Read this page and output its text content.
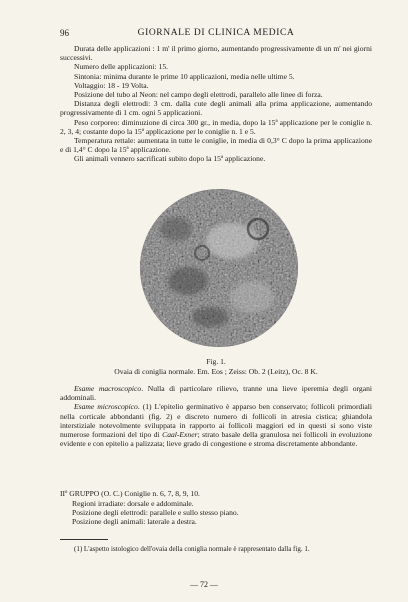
96	GIORNALE DI CLINICA MEDICA

Durata delle applicazioni : 1 m' il primo giorno, aumentando progressivamente di un m' nei giorni successivi.

Numero delle applicazioni: 15.

Sintonia: minima durante le prime 10 applicazioni, media nelle ultime 5.

Voltaggio: 18 - 19 Volta.

Posizione del tubo al Neon: nel campo degli elettrodi, parallelo alle linee di forza.

Distanza degli elettrodi: 3 cm. dalla cute degli animali alla prima applicazione, aumentando progressivamente di 1 cm. ogni 5 applicazioni.

Peso corporeo: diminuzione di circa 300 gr., in media, dopo la 15ª applicazione per le coniglie n. 2, 3, 4; costante dopo la 15ª applicazione per le coniglie n. 1 e 5.

Temperatura rettale: aumentata in tutte le coniglie, in media di 0,3° C dopo la prima applicazione e di 1,4° C dopo la 15ª applicazione.

Gli animali vennero sacrificati subito dopo la 15ª applicazione.

Fig. 1.
Ovaia di coniglia normale. Em. Eos ; Zeiss: Ob. 2 (Leitz), Oc. 8 K.

Esame macroscopico. Nulla di particolare rilievo, tranne una lieve iperemia degli organi addominali.

Esame microscopico. (1) L'epitelio germinativo è apparso ben conservato; follicoli primordiali nella corticale abbondanti (fig. 2) e discreto numero di follicoli in atresia cistica; ghiandola interstiziale notevolmente sviluppata in rapporto ai follicoli maggiori ed in questi si sono viste numerose formazioni del tipo di Caal-Exner; strato basale della granulosa nei follicoli in evoluzione evidente e con epitelio a palizzata; lieve grado di congestione e stroma discretamente abbondante.

IIº GRUPPO (O. C.) Coniglie n. 6, 7, 8, 9, 10.

Regioni irradiate: dorsale e addominale.

Posizione degli elettrodi: parallele e sullo stesso piano.

Posizione degli animali: laterale a destra.

(1) L'aspetto istologico dell'ovaia della coniglia normale è rappresentato dalla fig. 1.
— 72 —
